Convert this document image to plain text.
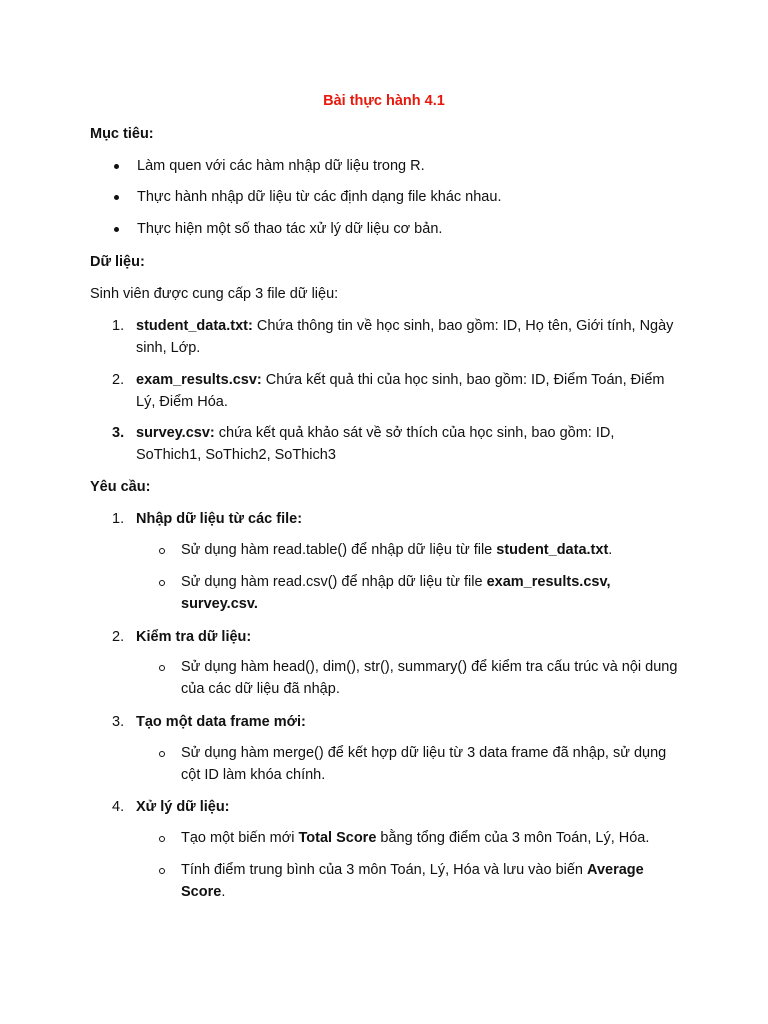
Bài thực hành 4.1
Mục tiêu:
Làm quen với các hàm nhập dữ liệu trong R.
Thực hành nhập dữ liệu từ các định dạng file khác nhau.
Thực hiện một số thao tác xử lý dữ liệu cơ bản.
Dữ liệu:
Sinh viên được cung cấp 3 file dữ liệu:
1. student_data.txt: Chứa thông tin về học sinh, bao gồm: ID, Họ tên, Giới tính, Ngày sinh, Lớp.
2. exam_results.csv: Chứa kết quả thi của học sinh, bao gồm: ID, Điểm Toán, Điểm Lý, Điểm Hóa.
3. survey.csv: chứa kết quả khảo sát về sở thích của học sinh, bao gồm: ID, SoThich1, SoThich2, SoThich3
Yêu cầu:
1. Nhập dữ liệu từ các file:
Sử dụng hàm read.table() để nhập dữ liệu từ file student_data.txt.
Sử dụng hàm read.csv() để nhập dữ liệu từ file exam_results.csv, survey.csv.
2. Kiểm tra dữ liệu:
Sử dụng hàm head(), dim(), str(), summary() để kiểm tra cấu trúc và nội dung của các dữ liệu đã nhập.
3. Tạo một data frame mới:
Sử dụng hàm merge() để kết hợp dữ liệu từ 3 data frame đã nhập, sử dụng cột ID làm khóa chính.
4. Xử lý dữ liệu:
Tạo một biến mới Total Score bằng tổng điểm của 3 môn Toán, Lý, Hóa.
Tính điểm trung bình của 3 môn Toán, Lý, Hóa và lưu vào biến Average Score.
